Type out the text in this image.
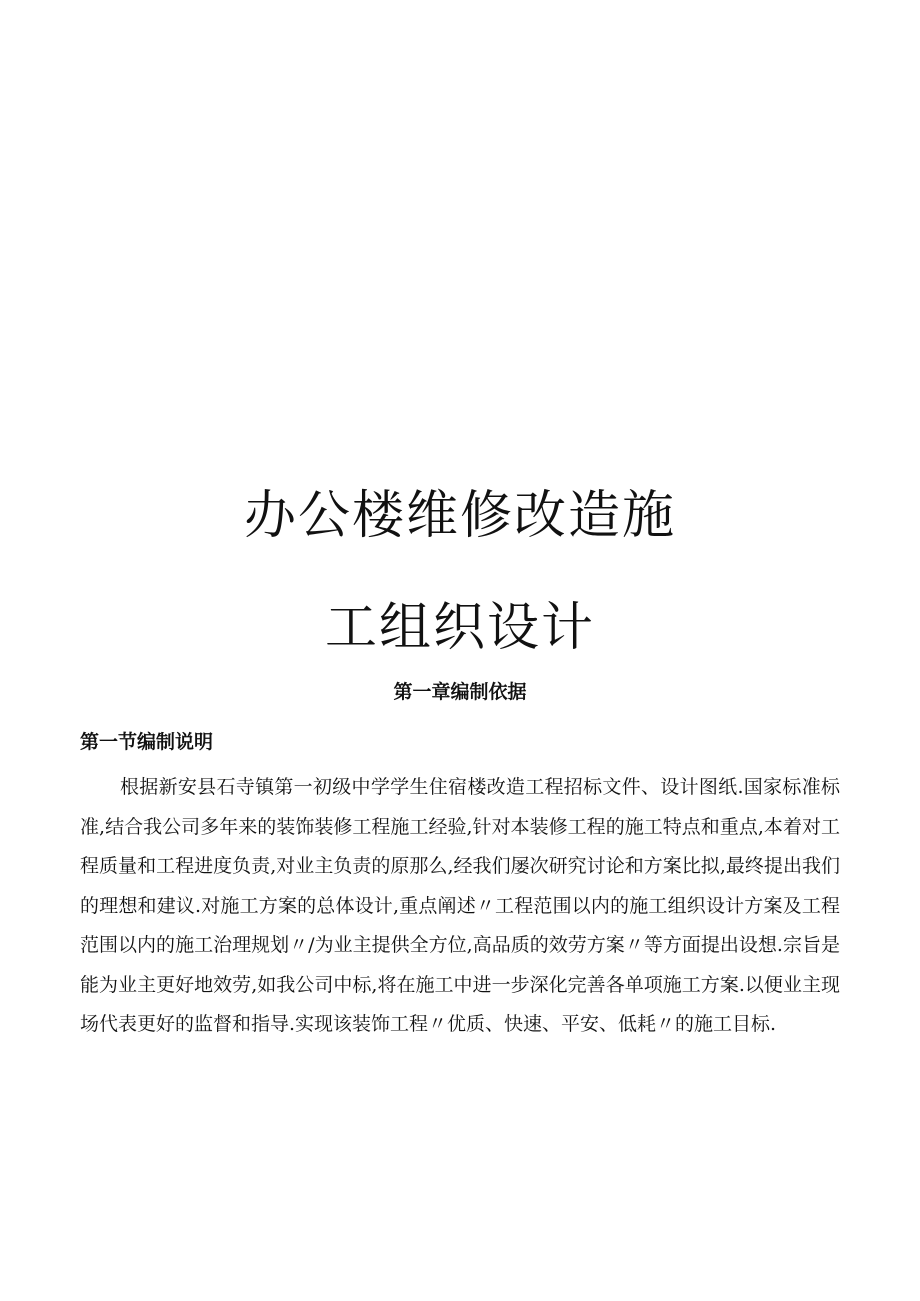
办公楼维修改造施
工组织设计
第一章编制依据
第一节编制说明

根据新安县石寺镇第一初级中学学生住宿楼改造工程招标文件、设计图纸.国家标准标准,结合我公司多年来的装饰装修工程施工经验,针对本装修工程的施工特点和重点,本着对工程质量和工程进度负责,对业主负责的原那么,经我们屡次研究讨论和方案比拟,最终提出我们的理想和建议.对施工方案的总体设计,重点阐述〃工程范围以内的施工组织设计方案及工程范围以内的施工治理规划〃/为业主提供全方位,高品质的效劳方案〃等方面提出设想.宗旨是能为业主更好地效劳,如我公司中标,将在施工中进一步深化完善各单项施工方案.以便业主现场代表更好的监督和指导.实现该装饰工程〃优质、快速、平安、低耗〃的施工目标.
